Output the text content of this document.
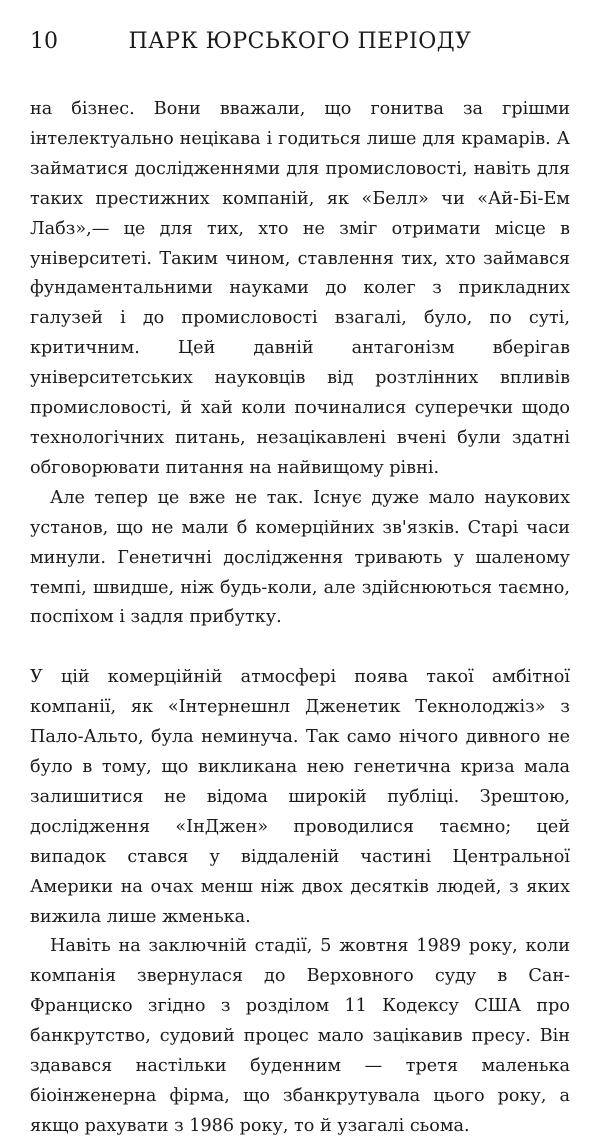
10	ПАРК ЮРСЬКОГО ПЕРІОДУ

на бізнес. Вони вважали, що гонитва за грішми інтелектуально нецікава і годиться лише для крамарів. А займатися дослідженнями для промисловості, навіть для таких престижних компаній, як «Белл» чи «Ай-Бі-Ем Лабз»,— це для тих, хто не зміг отримати місце в університеті. Таким чином, ставлення тих, хто займався фундаментальними науками до колег з прикладних галузей і до промисловості взагалі, було, по суті, критичним. Цей давній антагонізм вберігав університетських науковців від розтлінних впливів промисловості, й хай коли починалися суперечки щодо технологічних питань, незацікавлені вчені були здатні обговорювати питання на найвищому рівні.

Але тепер це вже не так. Існує дуже мало наукових установ, що не мали б комерційних зв'язків. Старі часи минули. Генетичні дослідження тривають у шаленому темпі, швидше, ніж будь-коли, але здійснюються таємно, поспіхом і задля прибутку.

У цій комерційній атмосфері поява такої амбітної компанії, як «Інтернешнл Дженетик Текнолоджіз» з Пало-Альто, була неминуча. Так само нічого дивного не було в тому, що викликана нею генетична криза мала залишитися не відома широкій публіці. Зрештою, дослідження «ІнДжен» проводилися таємно; цей випадок стався у віддаленій частині Центральної Америки на очах менш ніж двох десятків людей, з яких вижила лише жменька.

Навіть на заключній стадії, 5 жовтня 1989 року, коли компанія звернулася до Верховного суду в Сан-Франциско згідно з розділом 11 Кодексу США про банкрутство, судовий процес мало зацікавив пресу. Він здавався настільки буденним — третя маленька біоінженерна фірма, що збанкрутувала цього року, а якщо рахувати з 1986 року, то й узагалі сьома.
